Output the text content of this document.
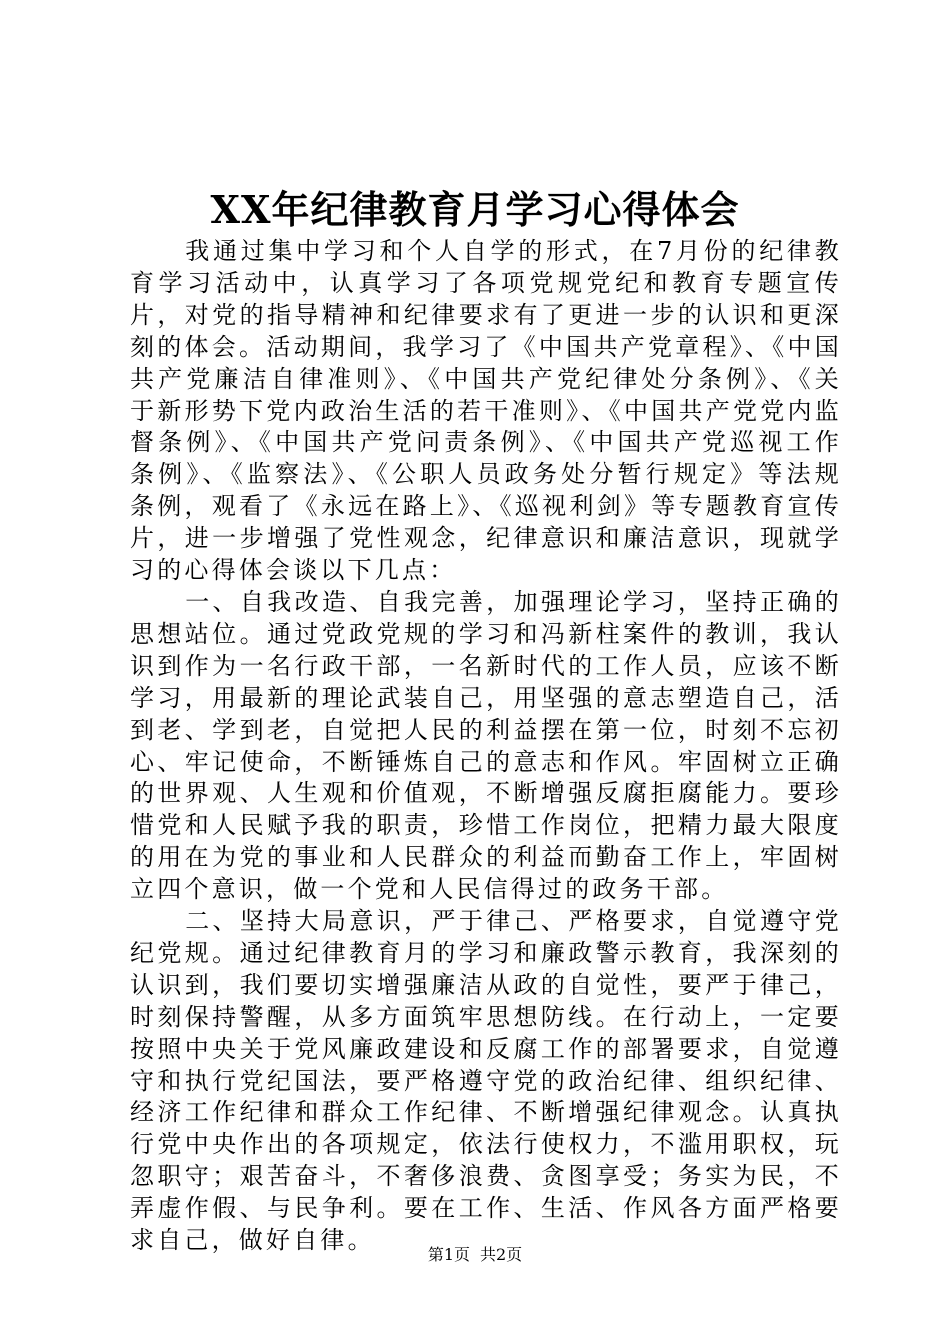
XX年纪律教育月学习心得体会

我通过集中学习和个人自学的形式，在7月份的纪律教育学习活动中，认真学习了各项党规党纪和教育专题宣传片，对党的指导精神和纪律要求有了更进一步的认识和更深刻的体会。活动期间，我学习了《中国共产党章程》、《中国共产党廉洁自律准则》、《中国共产党纪律处分条例》、《关于新形势下党内政治生活的若干准则》、《中国共产党党内监督条例》、《中国共产党问责条例》、《中国共产党巡视工作条例》、《监察法》、《公职人员政务处分暂行规定》等法规条例，观看了《永远在路上》、《巡视利剑》等专题教育宣传片，进一步增强了党性观念，纪律意识和廉洁意识，现就学习的心得体会谈以下几点：

一、自我改造、自我完善，加强理论学习，坚持正确的思想站位。通过党政党规的学习和冯新柱案件的教训，我认识到作为一名行政干部，一名新时代的工作人员，应该不断学习，用最新的理论武装自己，用坚强的意志塑造自己，活到老、学到老，自觉把人民的利益摆在第一位，时刻不忘初心、牢记使命，不断锤炼自己的意志和作风。牢固树立正确的世界观、人生观和价值观，不断增强反腐拒腐能力。要珍惜党和人民赋予我的职责，珍惜工作岗位，把精力最大限度的用在为党的事业和人民群众的利益而勤奋工作上，牢固树立四个意识，做一个党和人民信得过的政务干部。

二、坚持大局意识，严于律己、严格要求，自觉遵守党纪党规。通过纪律教育月的学习和廉政警示教育，我深刻的认识到，我们要切实增强廉洁从政的自觉性，要严于律己，时刻保持警醒，从多方面筑牢思想防线。在行动上，一定要按照中央关于党风廉政建设和反腐工作的部署要求，自觉遵守和执行党纪国法，要严格遵守党的政治纪律、组织纪律、经济工作纪律和群众工作纪律、不断增强纪律观念。认真执行党中央作出的各项规定，依法行使权力，不滥用职权，玩忽职守；艰苦奋斗，不奢侈浪费、贪图享受；务实为民，不弄虚作假、与民争利。要在工作、生活、作风各方面严格要求自己，做好自律。

第1页 共2页
